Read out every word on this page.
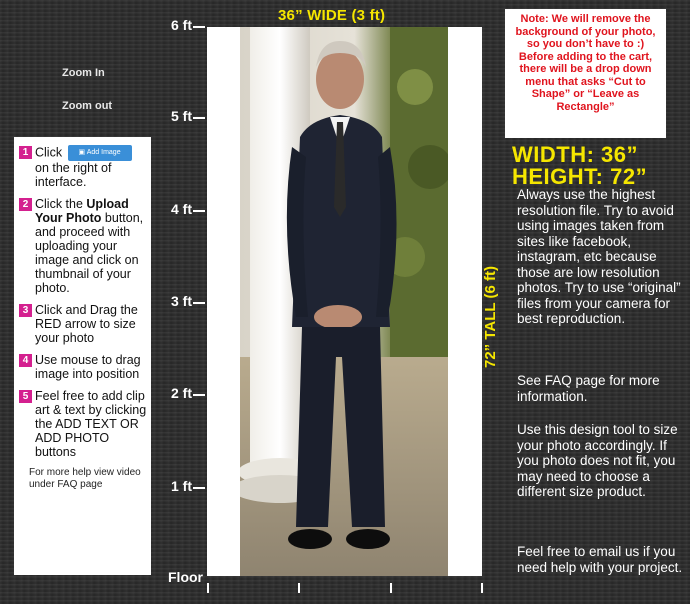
36” WIDE (3 ft)
6 ft
5 ft
4 ft
3 ft
2 ft
1 ft
Floor
Zoom In
Zoom out
72” TALL (6 ft)
1 Click ▣ Add Image on the right of interface.
2 Click the Upload Your Photo button, and proceed with uploading your image and click on thumbnail of your photo.
3 Click and Drag the RED arrow to size your photo
4 Use mouse to drag image into position
5 Feel free to add clip art & text by clicking the ADD TEXT OR ADD PHOTO buttons
For more help view video under FAQ page
Note: We will remove the background of your photo, so you don’t have to :)
Before adding to the cart, there will be a drop down menu that asks “Cut to Shape” or “Leave as Rectangle”
WIDTH: 36”
HEIGHT: 72”
Always use the highest resolution file. Try to avoid using images taken from sites like facebook, instagram, etc because those are low resolution photos. Try to use “original” files from your camera for best reproduction.
See FAQ page for more information.
Use this design tool to size your photo accordingly. If you photo does not fit, you may need to choose a different size product.
Feel free to email us if you need help with your project.
